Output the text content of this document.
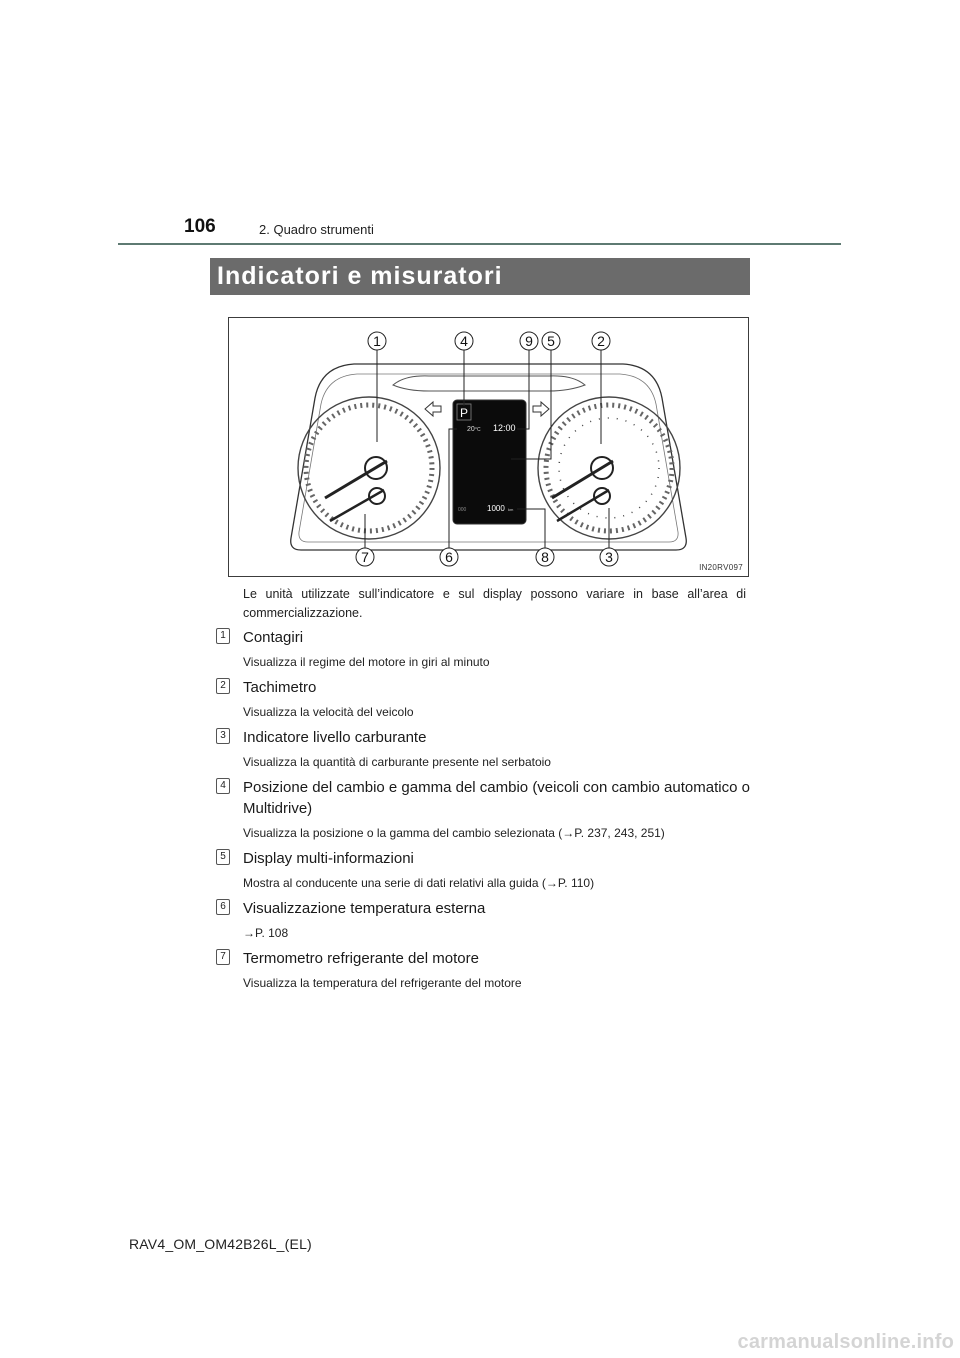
106	2. Quadro strumenti
Indicatori e misuratori
P
20 °C 12:00
000	1000 km
1	4	9 5	2
7	6	8	3
IN20RV097
Le unità utilizzate sull’indicatore e sul display possono variare in base all’area di commercializzazione.
1 Contagiri
Visualizza il regime del motore in giri al minuto
2 Tachimetro
Visualizza la velocità del veicolo
3 Indicatore livello carburante
Visualizza la quantità di carburante presente nel serbatoio
4 Posizione del cambio e gamma del cambio (veicoli con cambio automatico o Multidrive)
Visualizza la posizione o la gamma del cambio selezionata (→P. 237, 243, 251)
5 Display multi-informazioni
Mostra al conducente una serie di dati relativi alla guida (→P. 110)
6 Visualizzazione temperatura esterna
→P. 108
7 Termometro refrigerante del motore
Visualizza la temperatura del refrigerante del motore
RAV4_OM_OM42B26L_(EL)
carmanualsonline.info
